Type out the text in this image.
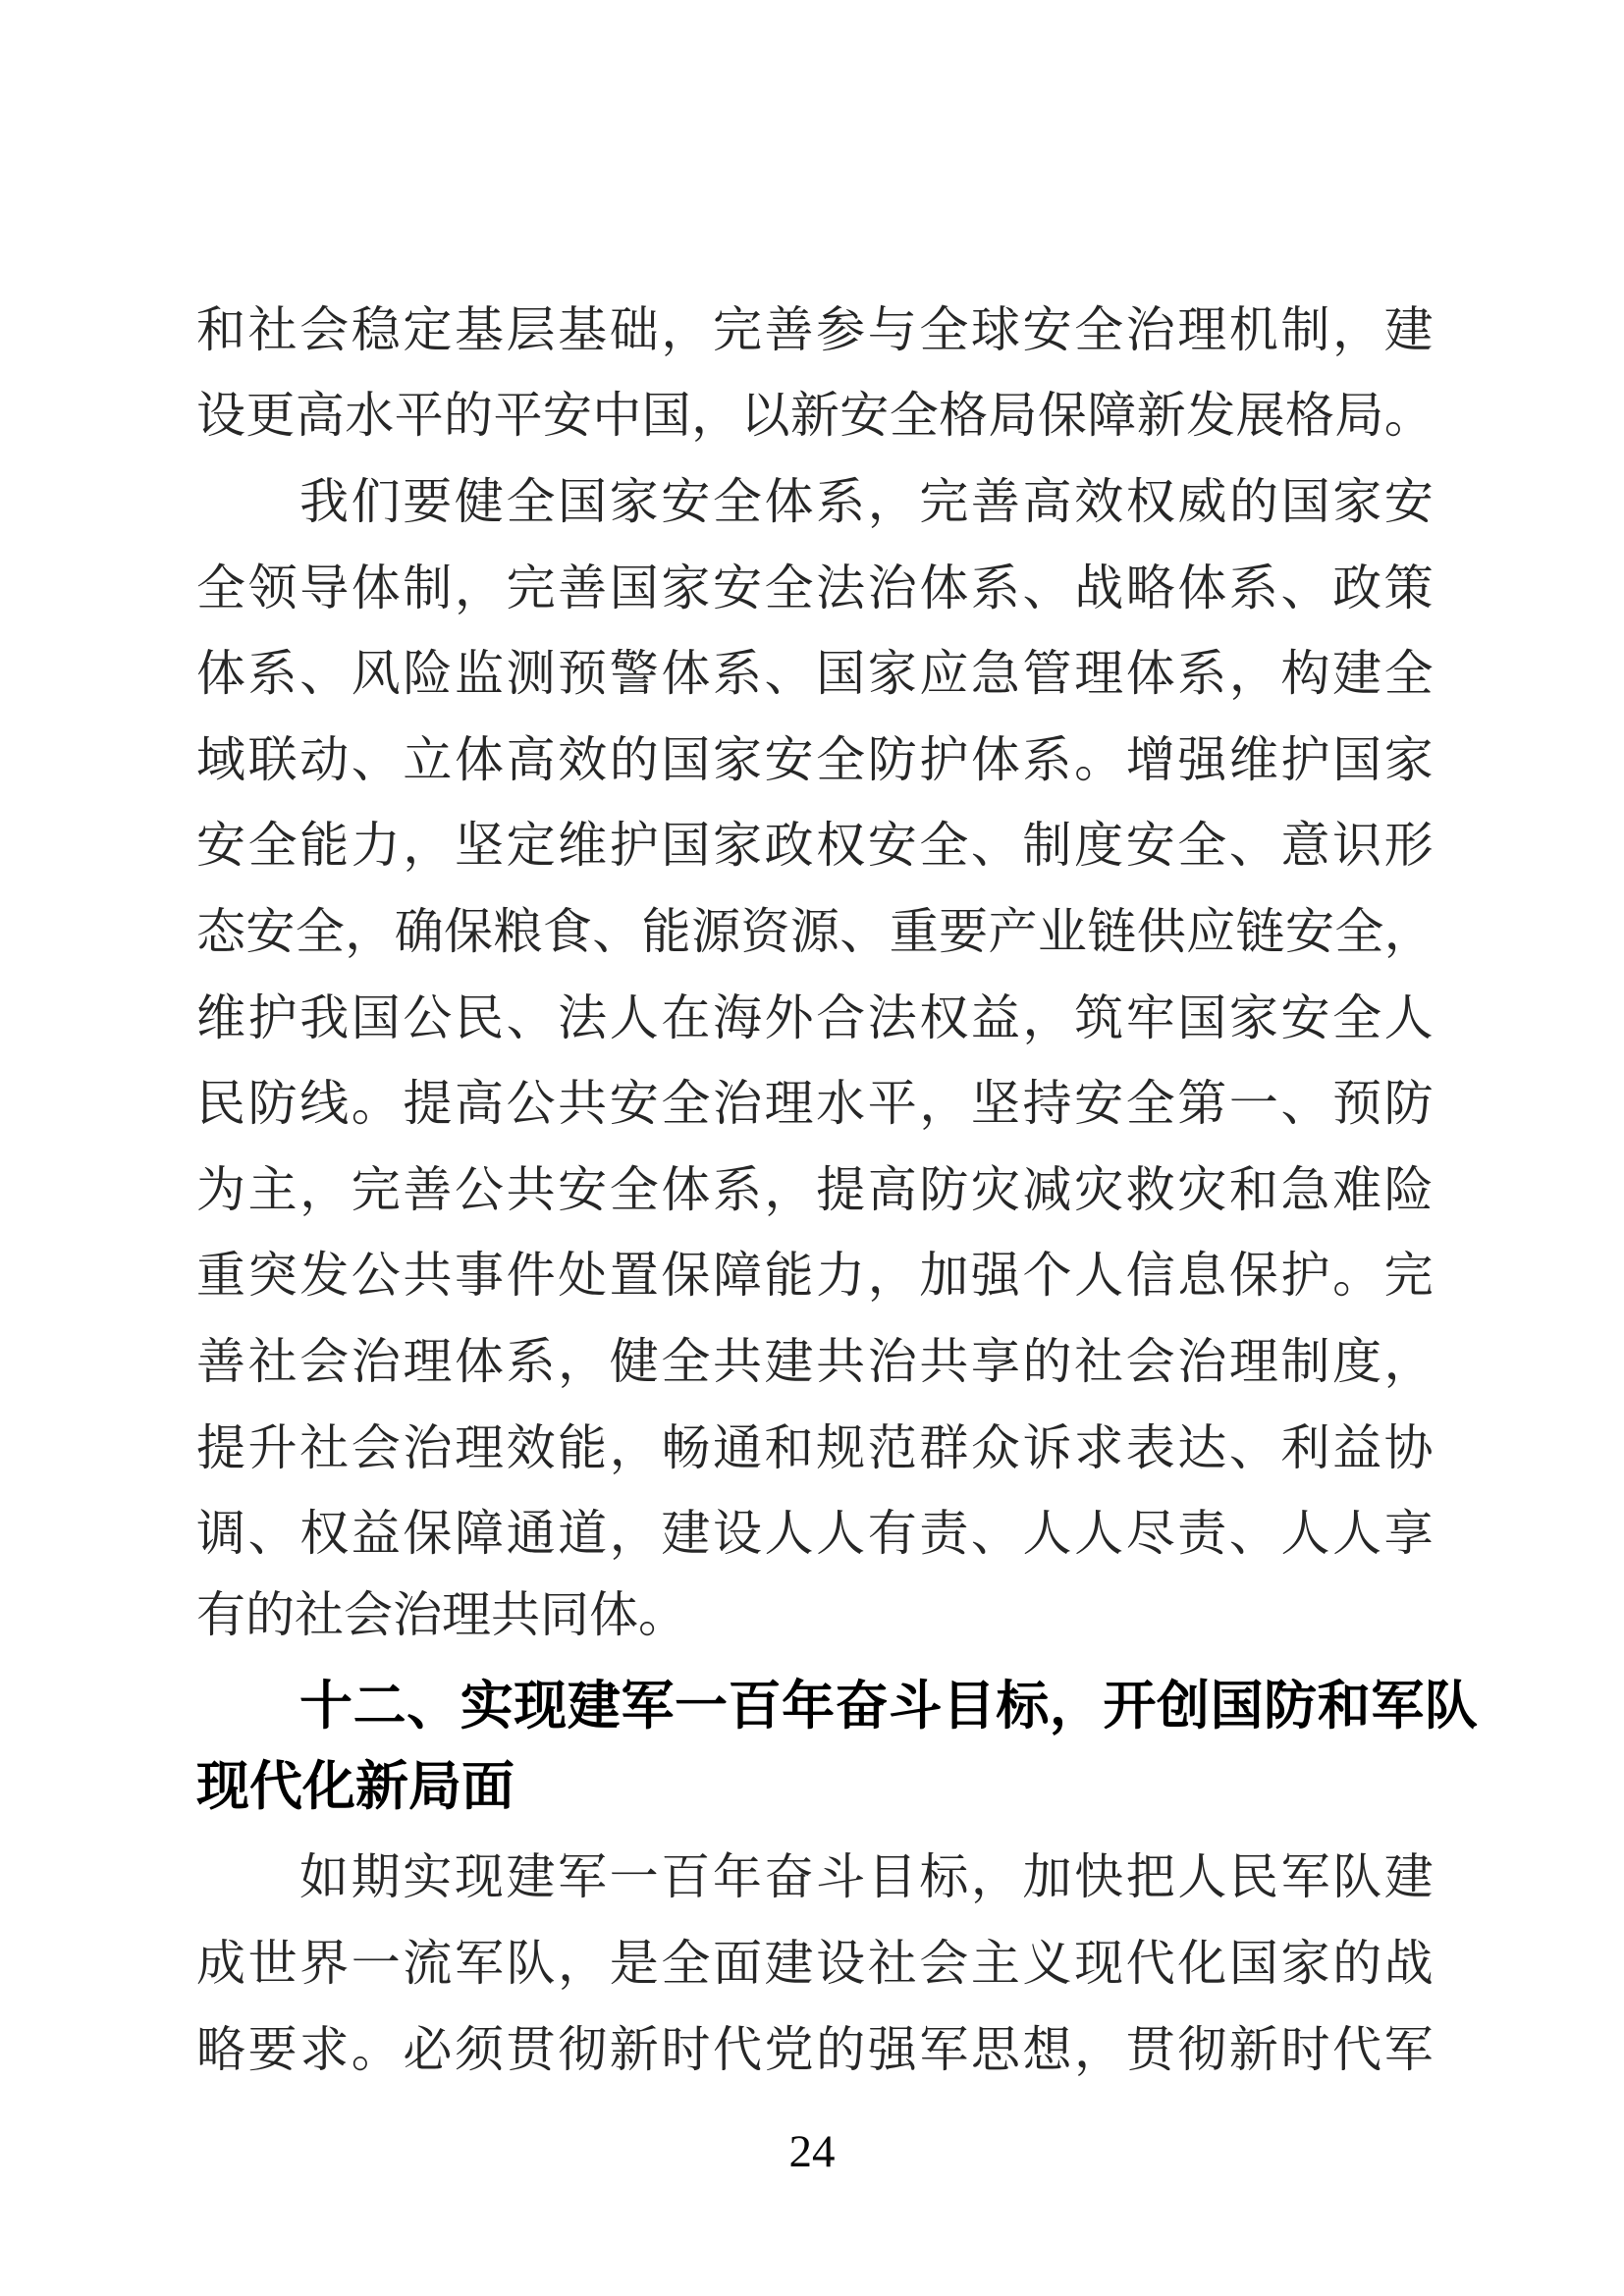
和 社 会 稳 定 基 层 基 础 ， 完 善 参 与 全 球 安 全 治 理 机 制 ， 建
设 更 高 水 平 的 平 安 中 国 ， 以 新 安 全 格 局 保 障 新 发 展 格 局 。
我 们 要 健 全 国 家 安 全 体 系 ， 完 善 高 效 权 威 的 国 家 安
全 领 导 体 制 ， 完 善 国 家 安 全 法 治 体 系 、 战 略 体 系 、 政 策
体 系 、 风 险 监 测 预 警 体 系 、 国 家 应 急 管 理 体 系 ， 构 建 全
域 联 动 、 立 体 高 效 的 国 家 安 全 防 护 体 系 。 增 强 维 护 国 家
安 全 能 力 ， 坚 定 维 护 国 家 政 权 安 全 、 制 度 安 全 、 意 识 形
态 安 全 ， 确 保 粮 食 、 能 源 资 源 、 重 要 产 业 链 供 应 链 安 全 ，
维 护 我 国 公 民 、 法 人 在 海 外 合 法 权 益 ， 筑 牢 国 家 安 全 人
民 防 线 。 提 高 公 共 安 全 治 理 水 平 ， 坚 持 安 全 第 一 、 预 防
为 主 ， 完 善 公 共 安 全 体 系 ， 提 高 防 灾 减 灾 救 灾 和 急 难 险
重 突 发 公 共 事 件 处 置 保 障 能 力 ， 加 强 个 人 信 息 保 护 。 完
善 社 会 治 理 体 系 ， 健 全 共 建 共 治 共 享 的 社 会 治 理 制 度 ，
提 升 社 会 治 理 效 能 ， 畅 通 和 规 范 群 众 诉 求 表 达 、 利 益 协
调 、 权 益 保 障 通 道 ， 建 设 人 人 有 责 、 人 人 尽 责 、 人 人 享
有的社会治理共同体。
十 二 、 实 现 建 军 一 百 年 奋 斗 目 标 ， 开 创 国 防 和 军 队
现代化新局面
如 期 实 现 建 军 一 百 年 奋 斗 目 标 ， 加 快 把 人 民 军 队 建
成 世 界 一 流 军 队 ， 是 全 面 建 设 社 会 主 义 现 代 化 国 家 的 战
略 要 求 。 必 须 贯 彻 新 时 代 党 的 强 军 思 想 ， 贯 彻 新 时 代 军
24
